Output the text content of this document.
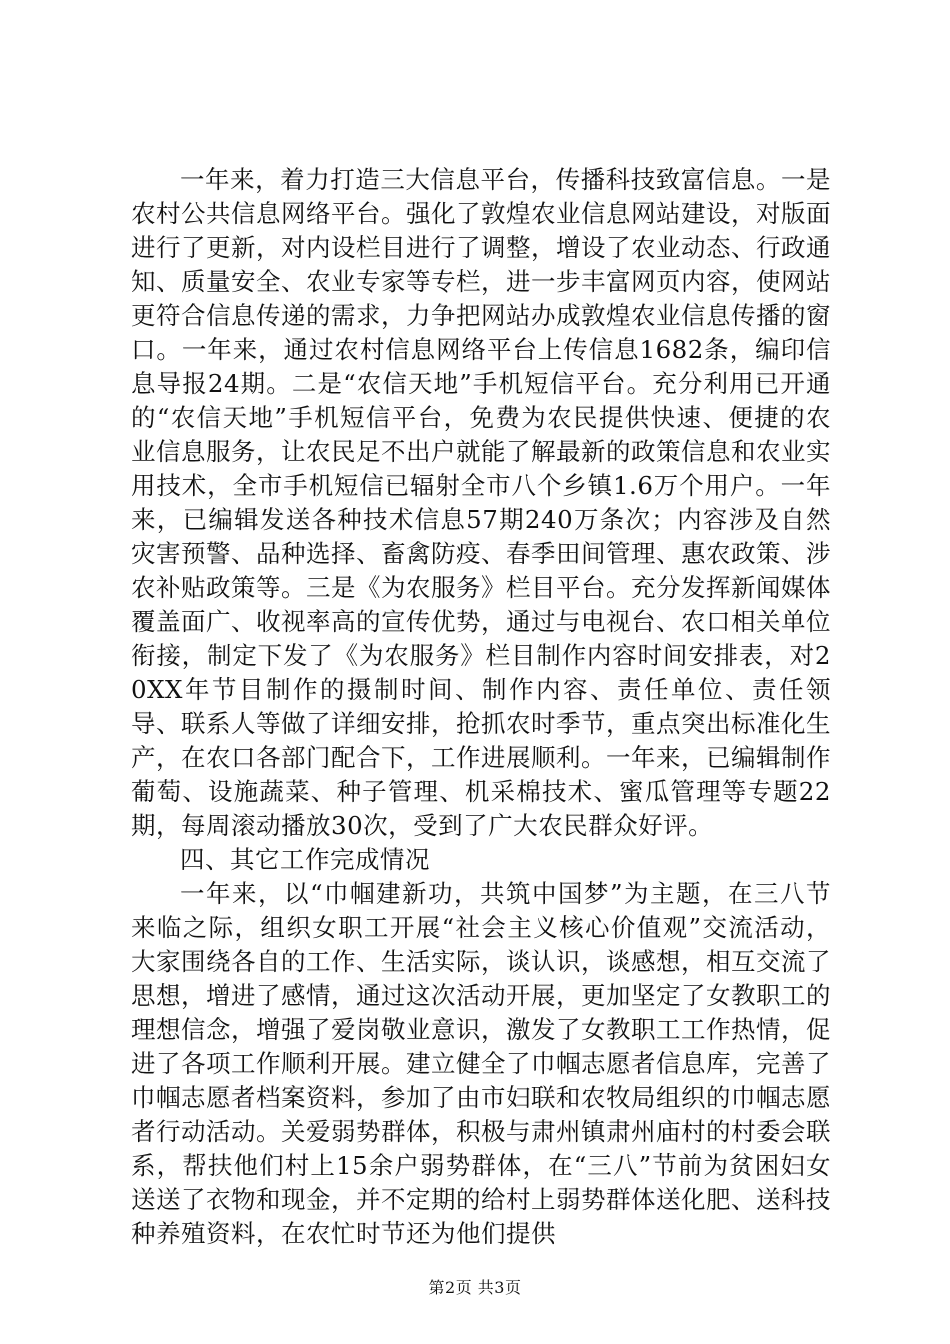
一年来，着力打造三大信息平台，传播科技致富信息。一是农村公共信息网络平台。强化了敦煌农业信息网站建设，对版面进行了更新，对内设栏目进行了调整，增设了农业动态、行政通知、质量安全、农业专家等专栏，进一步丰富网页内容，使网站更符合信息传递的需求，力争把网站办成敦煌农业信息传播的窗口。一年来，通过农村信息网络平台上传信息1682条，编印信息导报24期。二是“农信天地”手机短信平台。充分利用已开通的“农信天地”手机短信平台，免费为农民提供快速、便捷的农业信息服务，让农民足不出户就能了解最新的政策信息和农业实用技术，全市手机短信已辐射全市八个乡镇1.6万个用户。一年来，已编辑发送各种技术信息57期240万条次；内容涉及自然灾害预警、品种选择、畜禽防疫、春季田间管理、惠农政策、涉农补贴政策等。三是《为农服务》栏目平台。充分发挥新闻媒体覆盖面广、收视率高的宣传优势，通过与电视台、农口相关单位衔接，制定下发了《为农服务》栏目制作内容时间安排表，对20XX年节目制作的摄制时间、制作内容、责任单位、责任领导、联系人等做了详细安排，抢抓农时季节，重点突出标准化生产，在农口各部门配合下，工作进展顺利。一年来，已编辑制作葡萄、设施蔬菜、种子管理、机采棉技术、蜜瓜管理等专题22期，每周滚动播放30次，受到了广大农民群众好评。

四、其它工作完成情况

一年来，以“巾帼建新功，共筑中国梦”为主题，在三八节来临之际，组织女职工开展“社会主义核心价值观”交流活动，大家围绕各自的工作、生活实际，谈认识，谈感想，相互交流了思想，增进了感情，通过这次活动开展，更加坚定了女教职工的理想信念，增强了爱岗敬业意识，激发了女教职工工作热情，促进了各项工作顺利开展。建立健全了巾帼志愿者信息库，完善了巾帼志愿者档案资料，参加了由市妇联和农牧局组织的巾帼志愿者行动活动。关爱弱势群体，积极与肃州镇肃州庙村的村委会联系，帮扶他们村上15余户弱势群体，在“三八”节前为贫困妇女送送了衣物和现金，并不定期的给村上弱势群体送化肥、送科技种养殖资料，在农忙时节还为他们提供

第2页 共3页
